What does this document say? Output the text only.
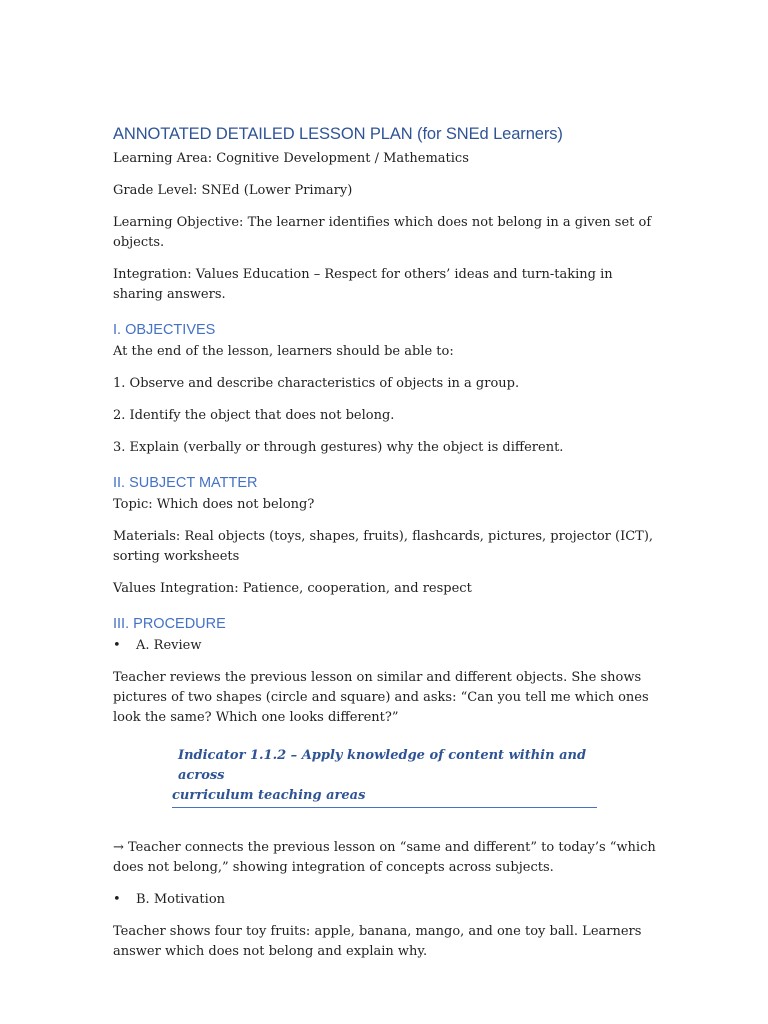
ANNOTATED DETAILED LESSON PLAN (for SNEd Learners)

Learning Area: Cognitive Development / Mathematics

Grade Level: SNEd (Lower Primary)

Learning Objective: The learner identifies which does not belong in a given set of objects.

Integration: Values Education – Respect for others’ ideas and turn-taking in sharing answers.

I. OBJECTIVES

At the end of the lesson, learners should be able to:

1. Observe and describe characteristics of objects in a group.

2. Identify the object that does not belong.

3. Explain (verbally or through gestures) why the object is different.

II. SUBJECT MATTER

Topic: Which does not belong?

Materials: Real objects (toys, shapes, fruits), flashcards, pictures, projector (ICT), sorting worksheets

Values Integration: Patience, cooperation, and respect

III. PROCEDURE

• A. Review

Teacher reviews the previous lesson on similar and different objects. She shows pictures of two shapes (circle and square) and asks: “Can you tell me which ones look the same? Which one looks different?”

Indicator 1.1.2 – Apply knowledge of content within and across
curriculum teaching areas

→ Teacher connects the previous lesson on “same and different” to today’s “which does not belong,” showing integration of concepts across subjects.

• B. Motivation

Teacher shows four toy fruits: apple, banana, mango, and one toy ball. Learners answer which does not belong and explain why.
